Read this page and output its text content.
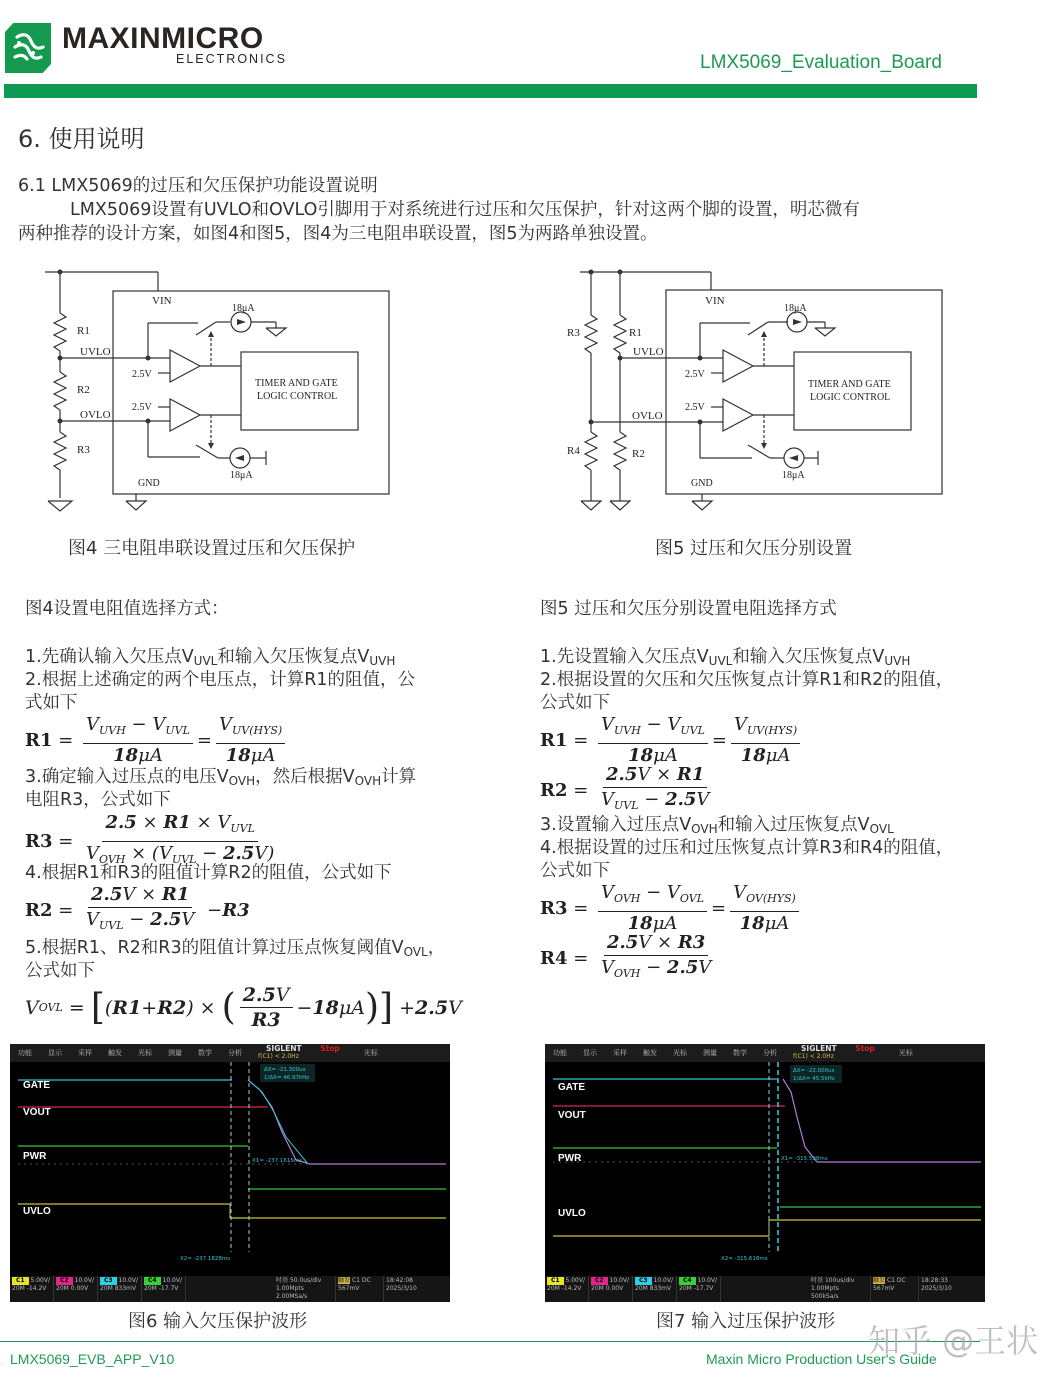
MAXINMICRO
ELECTRONICS	LMX5069_Evaluation_Board
6. 使用说明
6.1 LMX5069的过压和欠压保护功能设置说明
LMX5069设置有UVLO和OVLO引脚用于对系统进行过压和欠压保护，针对这两个脚的设置，明芯微有
两种推荐的设计方案，如图4和图5，图4为三电阻串联设置，图5为两路单独设置。
VIN
R1
UVLO
R2
OVLO
R3
2.5V
2.5V
18μA
18μA
TIMER AND GATE
LOGIC CONTROL
GND
VIN
R3	R1
UVLO
OVLO
R4	R2
2.5V
2.5V
18μA
18μA
TIMER AND GATE
LOGIC CONTROL
GND
图4 三电阻串联设置过压和欠压保护	图5 过压和欠压分别设置
图4设置电阻值选择方式：
1.先确认输入欠压点$V_{UVL}$和输入欠压恢复点$V_{UVH}$
2.根据上述确定的两个电压点，计算R1的阻值，公
式如下
$R1 = \frac{V_{UVH} - V_{UVL}}{18\mu A} = \frac{V_{UV(HYS)}}{18\mu A}$
3.确定输入过压点的电压$V_{OVH}$，然后根据$V_{OVH}$计算
电阻R3，公式如下
$R3 = \frac{2.5 \times R1 \times V_{UVL}}{V_{OVH} \times (V_{UVL} - 2.5V)}$
4.根据R1和R3的阻值计算R2的阻值，公式如下
$R2 = \frac{2.5V \times R1}{V_{UVL} - 2.5V} - R3$
5.根据R1、R2和R3的阻值计算过压点恢复阈值$V_{OVL}$，
公式如下
V OVL = [ ( R1 + R2 ) × ( $\frac{2.5V}{R3} - 18$ μ A ) ] + 2.5 V
图5 过压和欠压分别设置电阻选择方式
1.先设置输入欠压点$V_{UVL}$和输入欠压恢复点$V_{UVH}$
2.根据设置的欠压和欠压恢复点计算R1和R2的阻值，
公式如下
$R1 = \frac{V_{UVH} - V_{UVL}}{18\mu A} = \frac{V_{UV(HYS)}}{18\mu A}$
$R2 = \frac{2.5V \times R1}{V_{UVL} - 2.5V}$
3.设置输入过压点$V_{OVH}$和输入过压恢复点$V_{OVL}$
4.根据设置的过压和过压恢复点计算R3和R4的阻值，
公式如下
$R3 = \frac{V_{OVH} - V_{OVL}}{18\mu A} = \frac{V_{OV(HYS)}}{18\mu A}$
$R4 = \frac{2.5V \times R3}{V_{OVH} - 2.5V}$
功能	显示	采样	触发	光标	测量	数学	分析	SIGLENT Stop
f(C1) < 2.0Hz	光标
ΔX= -21.300us
1/ΔX= 46.97kHz
X1= -237.1615ms
X2= -237.1828ms
GATE
VOUT
PWR
UVLO
C1 5.00V/
20M -14.2V
C2 10.0V/
20M 0.00V
C3 10.0V/
20M 833mV
C4 10.0V/
20M -17.7V
时基 50.0us/div
1.00Mpts 2.00MSa/s
触发 C1 DC
567mV
18:42:08
2025/3/10
功能	显示	采样	触发	光标	测量	数学	分析	SIGLENT Stop
f(C1) < 2.0Hz	光标
ΔX= -22.000us
1/ΔX= 45.5kHz
X1= -315.598ms
X2= -315.618ms
GATE
VOUT
PWR
UVLO
C1 5.00V/
20M -14.2V
C2 10.0V/
20M 0.00V
C3 10.0V/
20M 833mV
C4 10.0V/
20M -17.7V
时基 100us/div
1.00Mpts 500kSa/s
触发 C1 DC
567mV
18:28:33
2025/3/10
图6 输入欠压保护波形	图7 输入过压保护波形
LMX5069_EVB_APP_V10	Maxin Micro Production User's Guide
知乎 @王状
